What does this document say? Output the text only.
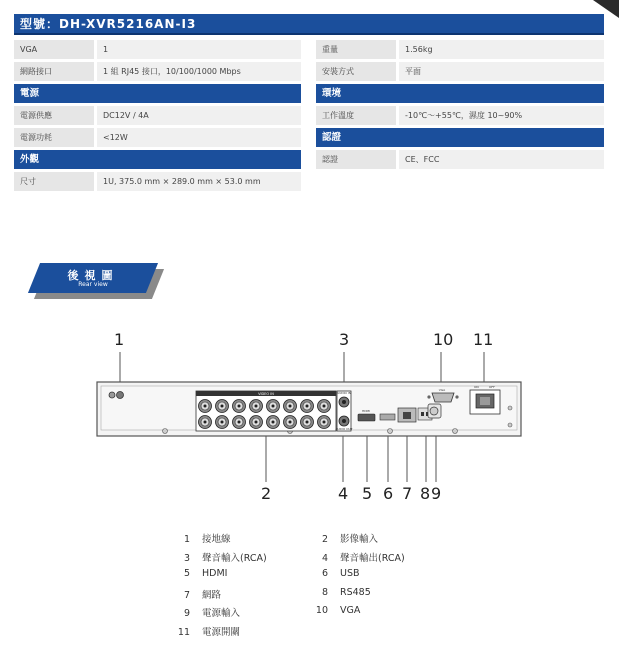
型號：DH-XVR5216AN-I3
VGA	1
網路接口	1 組 RJ45 接口，10/100/1000 Mbps
電源
電源供應	DC12V / 4A
電源功耗	<12W
外觀
尺寸	1U, 375.0 mm × 289.0 mm × 53.0 mm
重量	1.56kg
安裝方式	平面
環境
工作溫度	-10℃～+55℃，濕度 10~90%
認證
認證	CE、FCC
後視圖
Rear view
1	3	10 11
VIDEO IN	AUDIO IN
AUDIO OUT
HDMI
VGA
ON	OFF
2	4 5 6 7 8 9
1 接地線	2 影像輸入
3 聲音輸入(RCA)	4 聲音輸出(RCA)
5 HDMI	6 USB
7 網路	8 RS485
9 電源輸入	10 VGA
11 電源開關
